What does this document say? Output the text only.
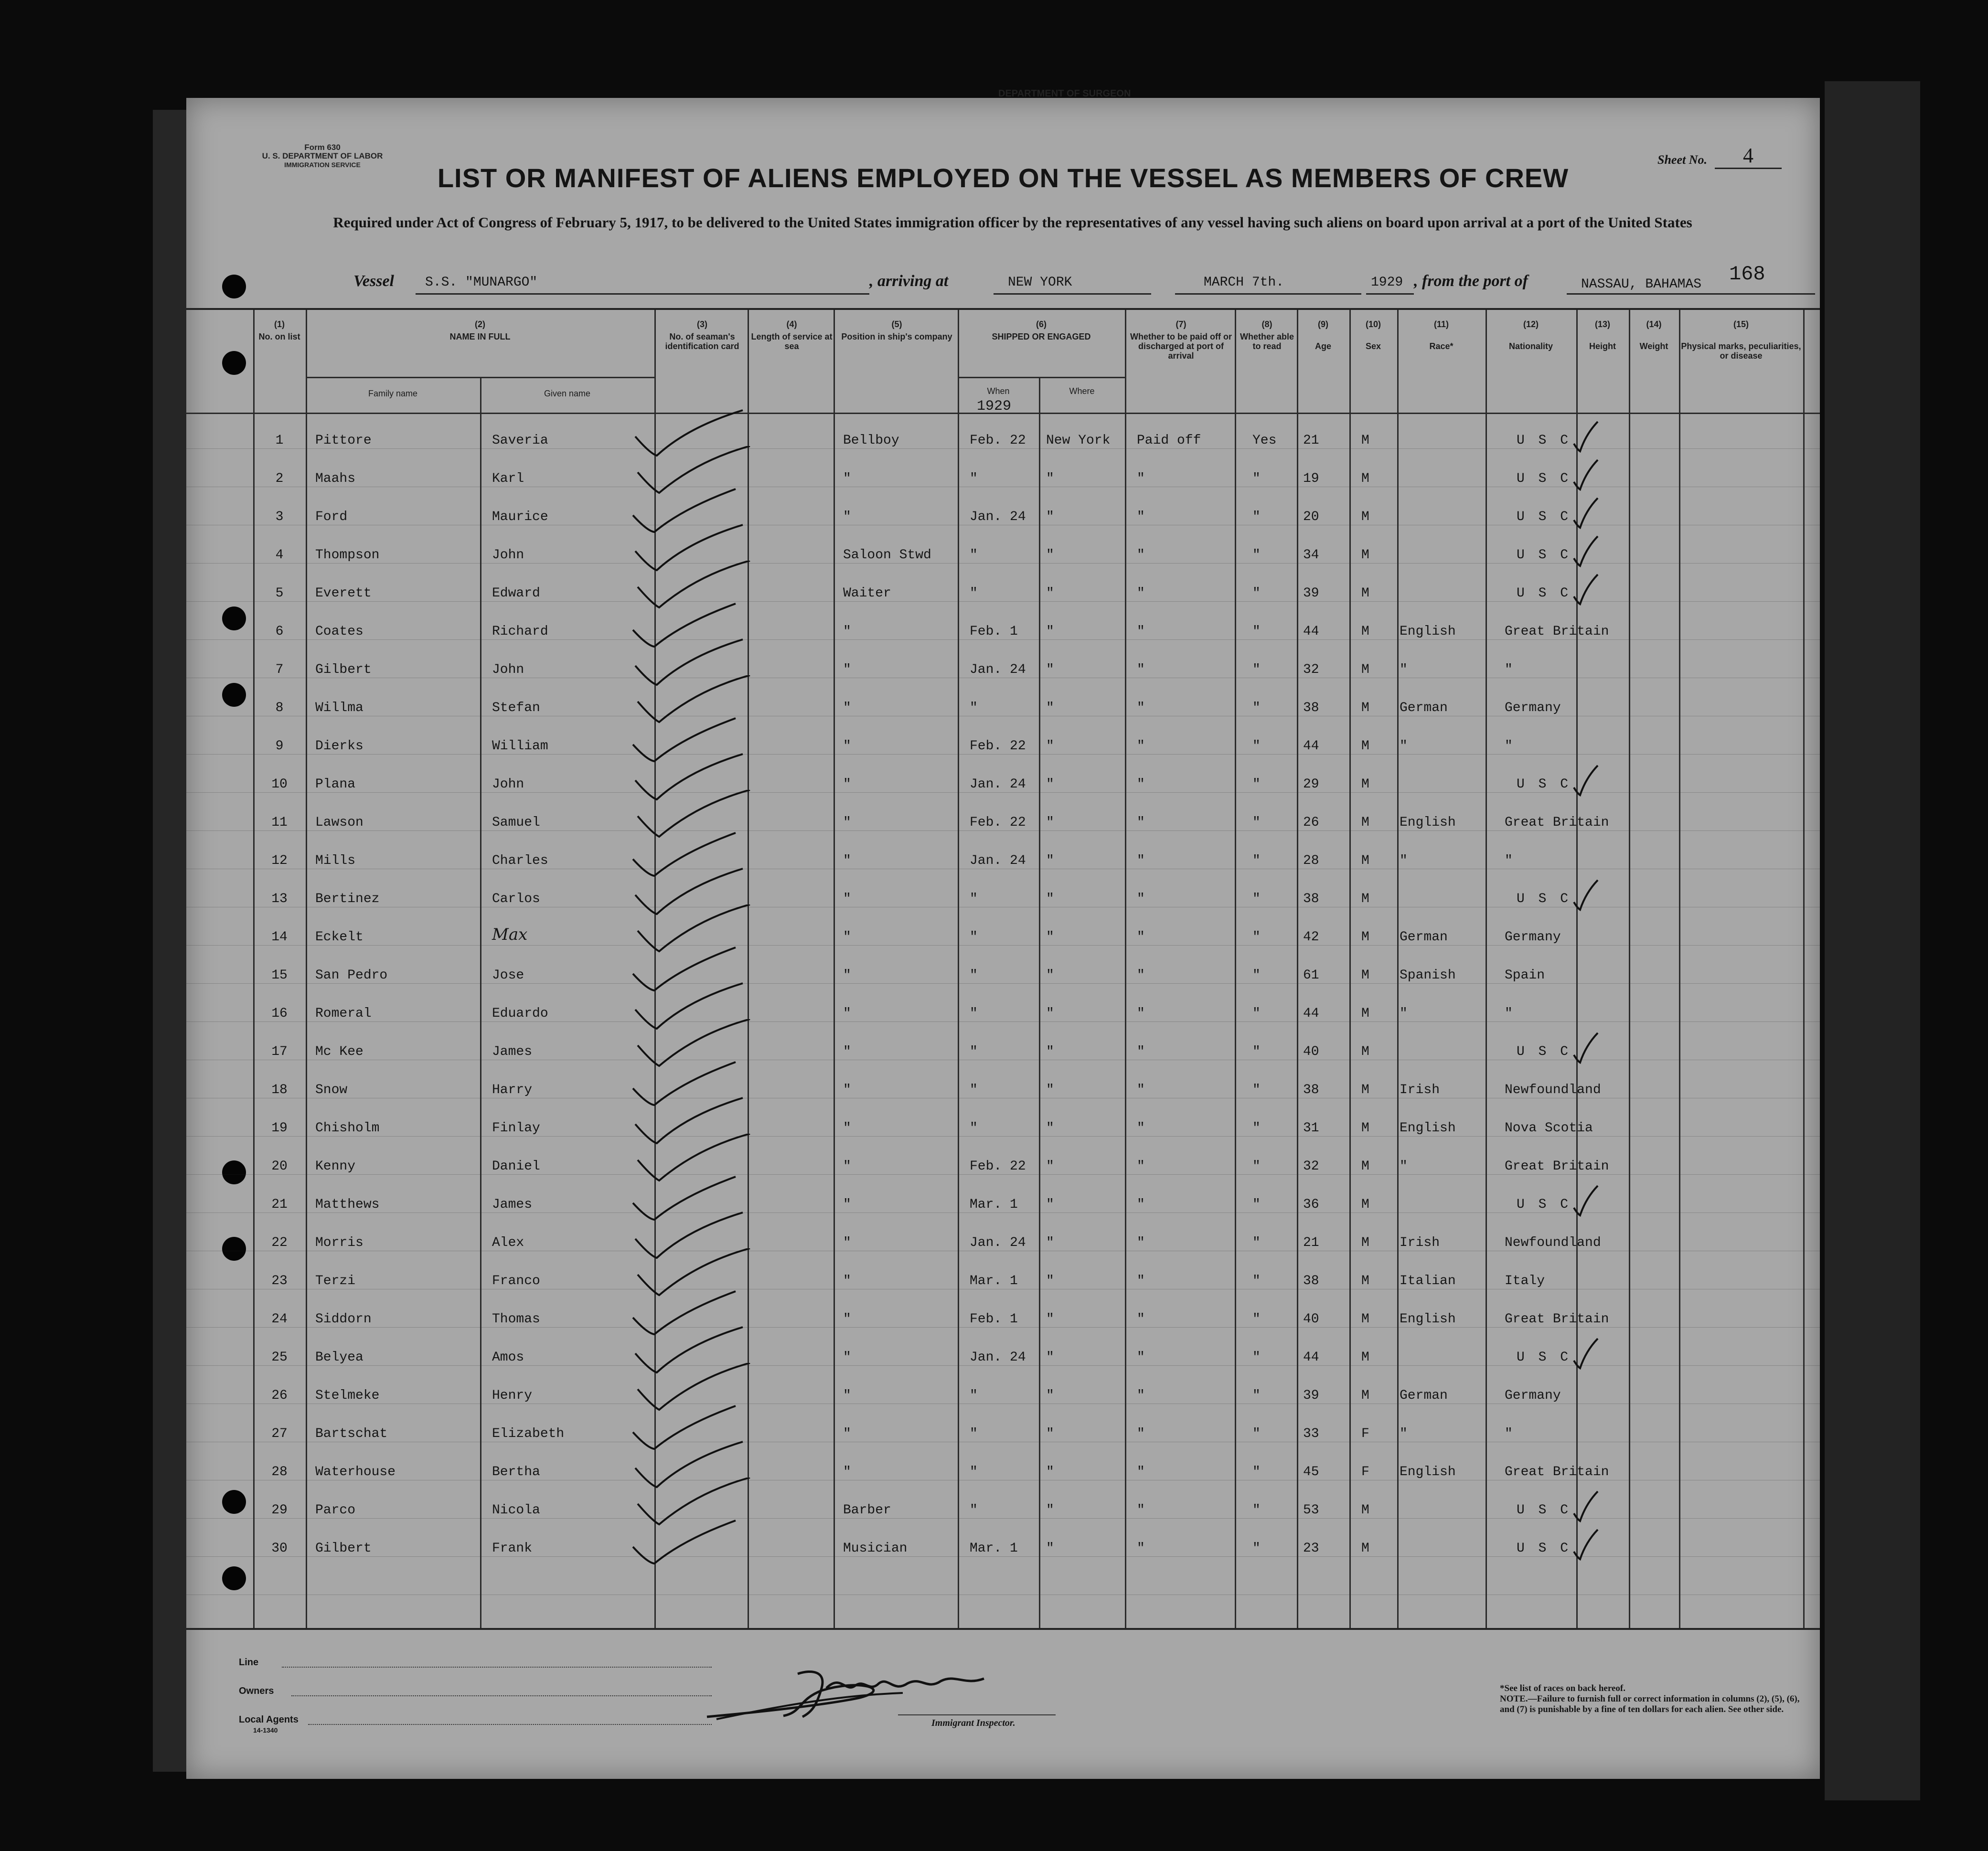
DEPARTMENT OF SURGEON
Form 630
U. S. DEPARTMENT OF LABOR
IMMIGRATION SERVICE	Sheet No.	4
LIST OR MANIFEST OF ALIENS EMPLOYED ON THE VESSEL AS MEMBERS OF CREW
Required under Act of Congress of February 5, 1917, to be delivered to the United States immigration officer by the representatives of any vessel having such aliens on board upon arrival at a port of the United States
Vessel S.S. "MUNARGO"	, arriving at	NEW YORK	MARCH 7th.	1929 , from the port of	NASSAU, BAHAMAS 168
(1)
No. on list
(2)
NAME IN FULL
Family name	Given name
(3)
No. of seaman's identification card
(4)
Length of service at sea
(5)
Position in ship's company
(6)
SHIPPED OR ENGAGED
When	Where
1929
(7)
Whether to be paid off or discharged at port of arrival
(8)
Whether able to read
(9)

Age
(10)

Sex
(11)

Race*
(12)

Nationality
(13)

Height
(14)

Weight
(15)

Physical marks, peculiarities, or disease
1	Pittore	Saveria	Bellboy	Feb. 22 New York Paid off	Yes 21	M	U S C
2	Maahs	Karl	"	"	"	"	"	19	M	U S C
3	Ford	Maurice	"	Jan. 24 "	"	"	20	M	U S C
4	Thompson	John	Saloon Stwd	"	"	"	"	34	M	U S C
5	Everett	Edward	Waiter	"	"	"	"	39	M	U S C
6	Coates	Richard	"	Feb. 1 "	"	"	44	M English	Great Britain
7	Gilbert	John	"	Jan. 24 "	"	"	32	M "	"
8	Willma	Stefan	"	"	"	"	"	38	M German	Germany
9	Dierks	William	"	Feb. 22 "	"	"	44	M "	"
10	Plana	John	"	Jan. 24 "	"	"	29	M	U S C
11	Lawson	Samuel	"	Feb. 22 "	"	"	26	M English	Great Britain
12	Mills	Charles	"	Jan. 24 "	"	"	28	M "	"
13	Bertinez	Carlos	"	"	"	"	"	38	M	U S C
14	Eckelt	Max	"	"	"	"	"	42	M German	Germany
15	San Pedro	Jose	"	"	"	"	"	61	M Spanish	Spain
16	Romeral	Eduardo	"	"	"	"	"	44	M "	"
17	Mc Kee	James	"	"	"	"	"	40	M	U S C
18	Snow	Harry	"	"	"	"	"	38	M Irish	Newfoundland
19	Chisholm	Finlay	"	"	"	"	"	31	M English	Nova Scotia
20	Kenny	Daniel	"	Feb. 22 "	"	"	32	M "	Great Britain
21	Matthews	James	"	Mar. 1 "	"	"	36	M	U S C
22	Morris	Alex	"	Jan. 24 "	"	"	21	M Irish	Newfoundland
23	Terzi	Franco	"	Mar. 1 "	"	"	38	M Italian	Italy
24	Siddorn	Thomas	"	Feb. 1 "	"	"	40	M English	Great Britain
25	Belyea	Amos	"	Jan. 24 "	"	"	44	M	U S C
26	Stelmeke	Henry	"	"	"	"	"	39	M German	Germany
27	Bartschat	Elizabeth	"	"	"	"	"	33	F "	"
28	Waterhouse	Bertha	"	"	"	"	"	45	F English	Great Britain
29	Parco	Nicola	Barber	"	"	"	"	53	M	U S C
30	Gilbert	Frank	Musician	Mar. 1 "	"	"	23	M	U S C
Line
Owners
Local Agents
14-1340
Immigrant Inspector.
*See list of races on back hereof.
NOTE.—Failure to furnish full or correct information in columns (2), (5), (6), and (7) is punishable by a fine of ten dollars for each alien. See other side.
